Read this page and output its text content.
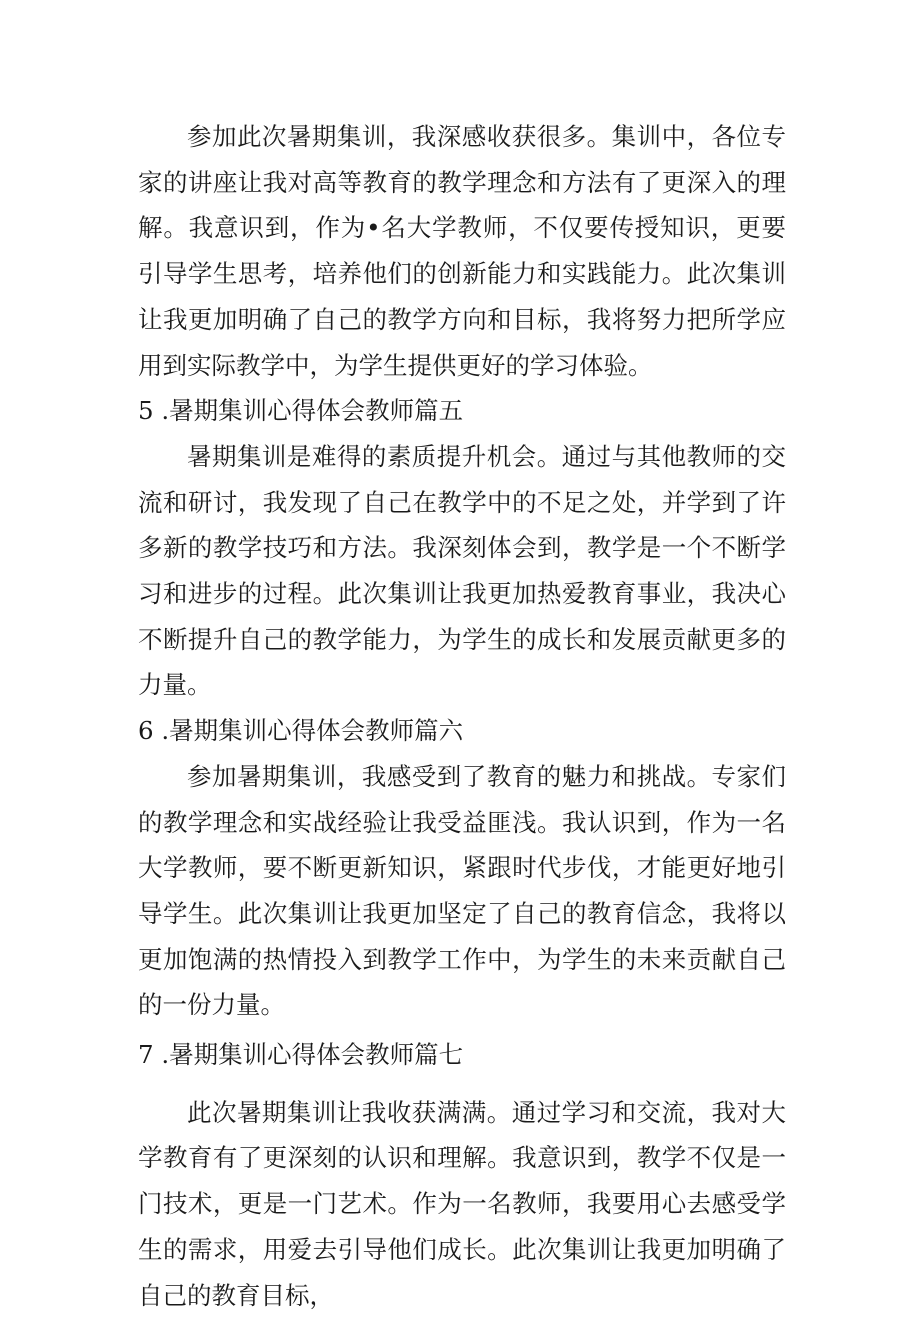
参加此次暑期集训，我深感收获很多。集训中，各位专家的讲座让我对高等教育的教学理念和方法有了更深入的理解。我意识到，作为•名大学教师，不仅要传授知识，更要引导学生思考，培养他们的创新能力和实践能力。此次集训让我更加明确了自己的教学方向和目标，我将努力把所学应用到实际教学中，为学生提供更好的学习体验。

5 .暑期集训心得体会教师篇五

暑期集训是难得的素质提升机会。通过与其他教师的交流和研讨，我发现了自己在教学中的不足之处，并学到了许多新的教学技巧和方法。我深刻体会到，教学是一个不断学习和进步的过程。此次集训让我更加热爱教育事业，我决心不断提升自己的教学能力，为学生的成长和发展贡献更多的力量。

6 .暑期集训心得体会教师篇六

参加暑期集训，我感受到了教育的魅力和挑战。专家们的教学理念和实战经验让我受益匪浅。我认识到，作为一名大学教师，要不断更新知识，紧跟时代步伐，才能更好地引导学生。此次集训让我更加坚定了自己的教育信念，我将以更加饱满的热情投入到教学工作中，为学生的未来贡献自己的一份力量。

7 .暑期集训心得体会教师篇七

此次暑期集训让我收获满满。通过学习和交流，我对大学教育有了更深刻的认识和理解。我意识到，教学不仅是一门技术，更是一门艺术。作为一名教师，我要用心去感受学生的需求，用爱去引导他们成长。此次集训让我更加明确了自己的教育目标，
